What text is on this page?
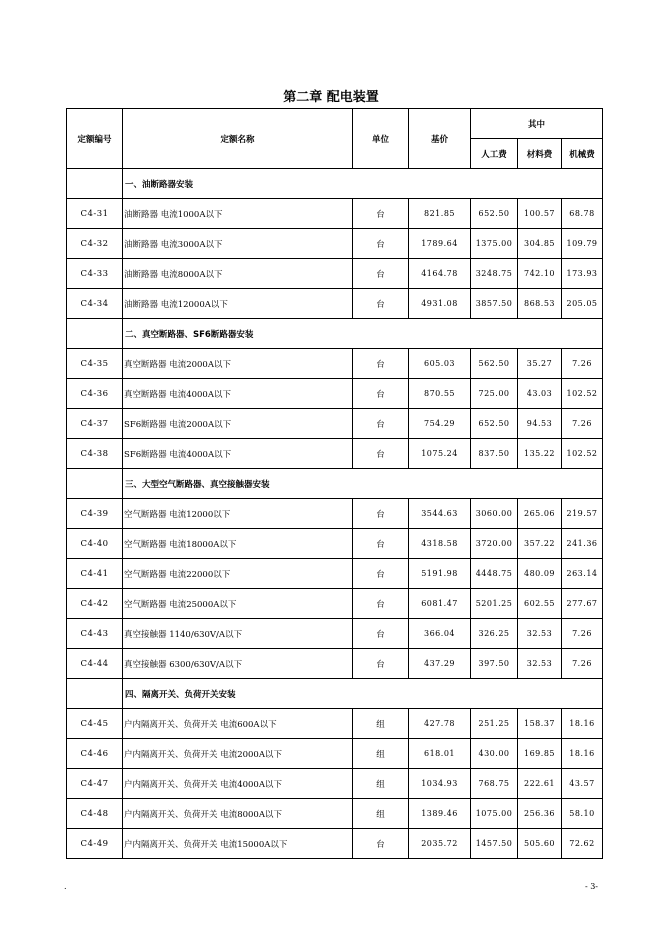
第二章 配电装置
定额编号	定额名称	单位	基价	其中		
				人工费	材料费	机械费
	一、油断路器安装					
C4-31	油断路器 电流1000A以下	台	821.85	652.50	100.57	68.78
C4-32	油断路器 电流3000A以下	台	1789.64	1375.00	304.85	109.79
C4-33	油断路器 电流8000A以下	台	4164.78	3248.75	742.10	173.93
C4-34	油断路器 电流12000A以下	台	4931.08	3857.50	868.53	205.05
	二、真空断路器、SF6断路器安装					
C4-35	真空断路器 电流2000A以下	台	605.03	562.50	35.27	7.26
C4-36	真空断路器 电流4000A以下	台	870.55	725.00	43.03	102.52
C4-37	SF6断路器 电流2000A以下	台	754.29	652.50	94.53	7.26
C4-38	SF6断路器 电流4000A以下	台	1075.24	837.50	135.22	102.52
	三、大型空气断路器、真空接触器安装					
C4-39	空气断路器 电流12000以下	台	3544.63	3060.00	265.06	219.57
C4-40	空气断路器 电流18000A以下	台	4318.58	3720.00	357.22	241.36
C4-41	空气断路器 电流22000以下	台	5191.98	4448.75	480.09	263.14
C4-42	空气断路器 电流25000A以下	台	6081.47	5201.25	602.55	277.67
C4-43	真空接触器 1140/630V/A以下	台	366.04	326.25	32.53	7.26
C4-44	真空接触器 6300/630V/A以下	台	437.29	397.50	32.53	7.26
	四、隔离开关、负荷开关安装					
C4-45	户内隔离开关、负荷开关 电流600A以下	组	427.78	251.25	158.37	18.16
C4-46	户内隔离开关、负荷开关 电流2000A以下	组	618.01	430.00	169.85	18.16
C4-47	户内隔离开关、负荷开关 电流4000A以下	组	1034.93	768.75	222.61	43.57
C4-48	户内隔离开关、负荷开关 电流8000A以下	组	1389.46	1075.00	256.36	58.10
C4-49	户内隔离开关、负荷开关 电流15000A以下	台	2035.72	1457.50	505.60	72.62
.	- 3-
